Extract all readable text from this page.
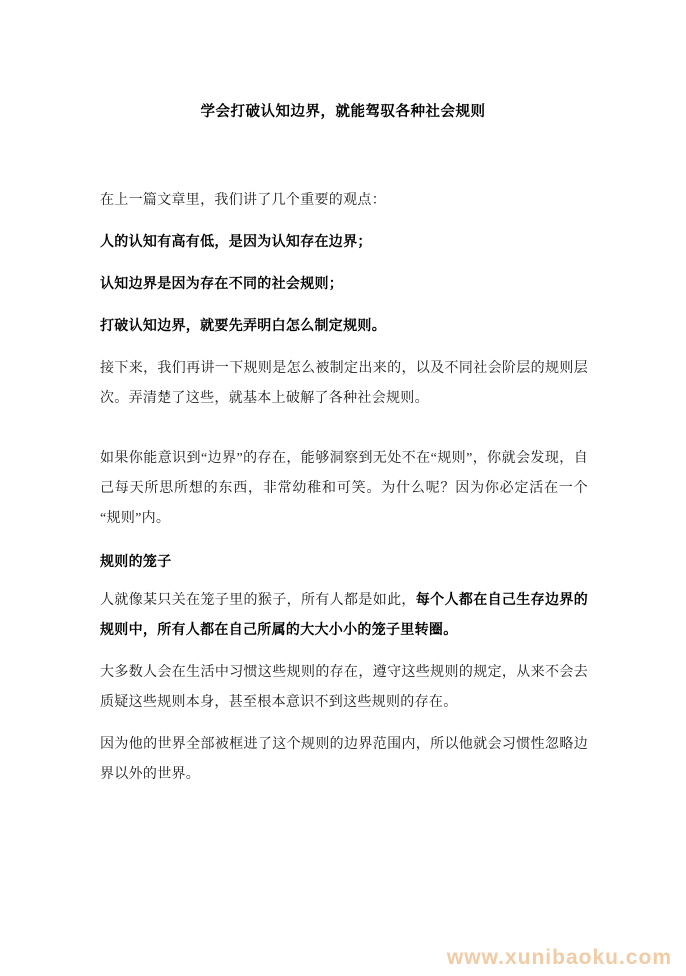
学会打破认知边界，就能驾驭各种社会规则

在上一篇文章里，我们讲了几个重要的观点：

人的认知有高有低，是因为认知存在边界；

认知边界是因为存在不同的社会规则；

打破认知边界，就要先弄明白怎么制定规则。

接下来，我们再讲一下规则是怎么被制定出来的，以及不同社会阶层的规则层次。弄清楚了这些，就基本上破解了各种社会规则。

如果你能意识到“边界”的存在，能够洞察到无处不在“规则”，你就会发现，自己每天所思所想的东西，非常幼稚和可笑。为什么呢？因为你必定活在一个“规则”内。

规则的笼子

人就像某只关在笼子里的猴子，所有人都是如此，每个人都在自己生存边界的规则中，所有人都在自己所属的大大小小的笼子里转圈。

大多数人会在生活中习惯这些规则的存在，遵守这些规则的规定，从来不会去质疑这些规则本身，甚至根本意识不到这些规则的存在。

因为他的世界全部被框进了这个规则的边界范围内，所以他就会习惯性忽略边界以外的世界。

www.xunibaoku.com
